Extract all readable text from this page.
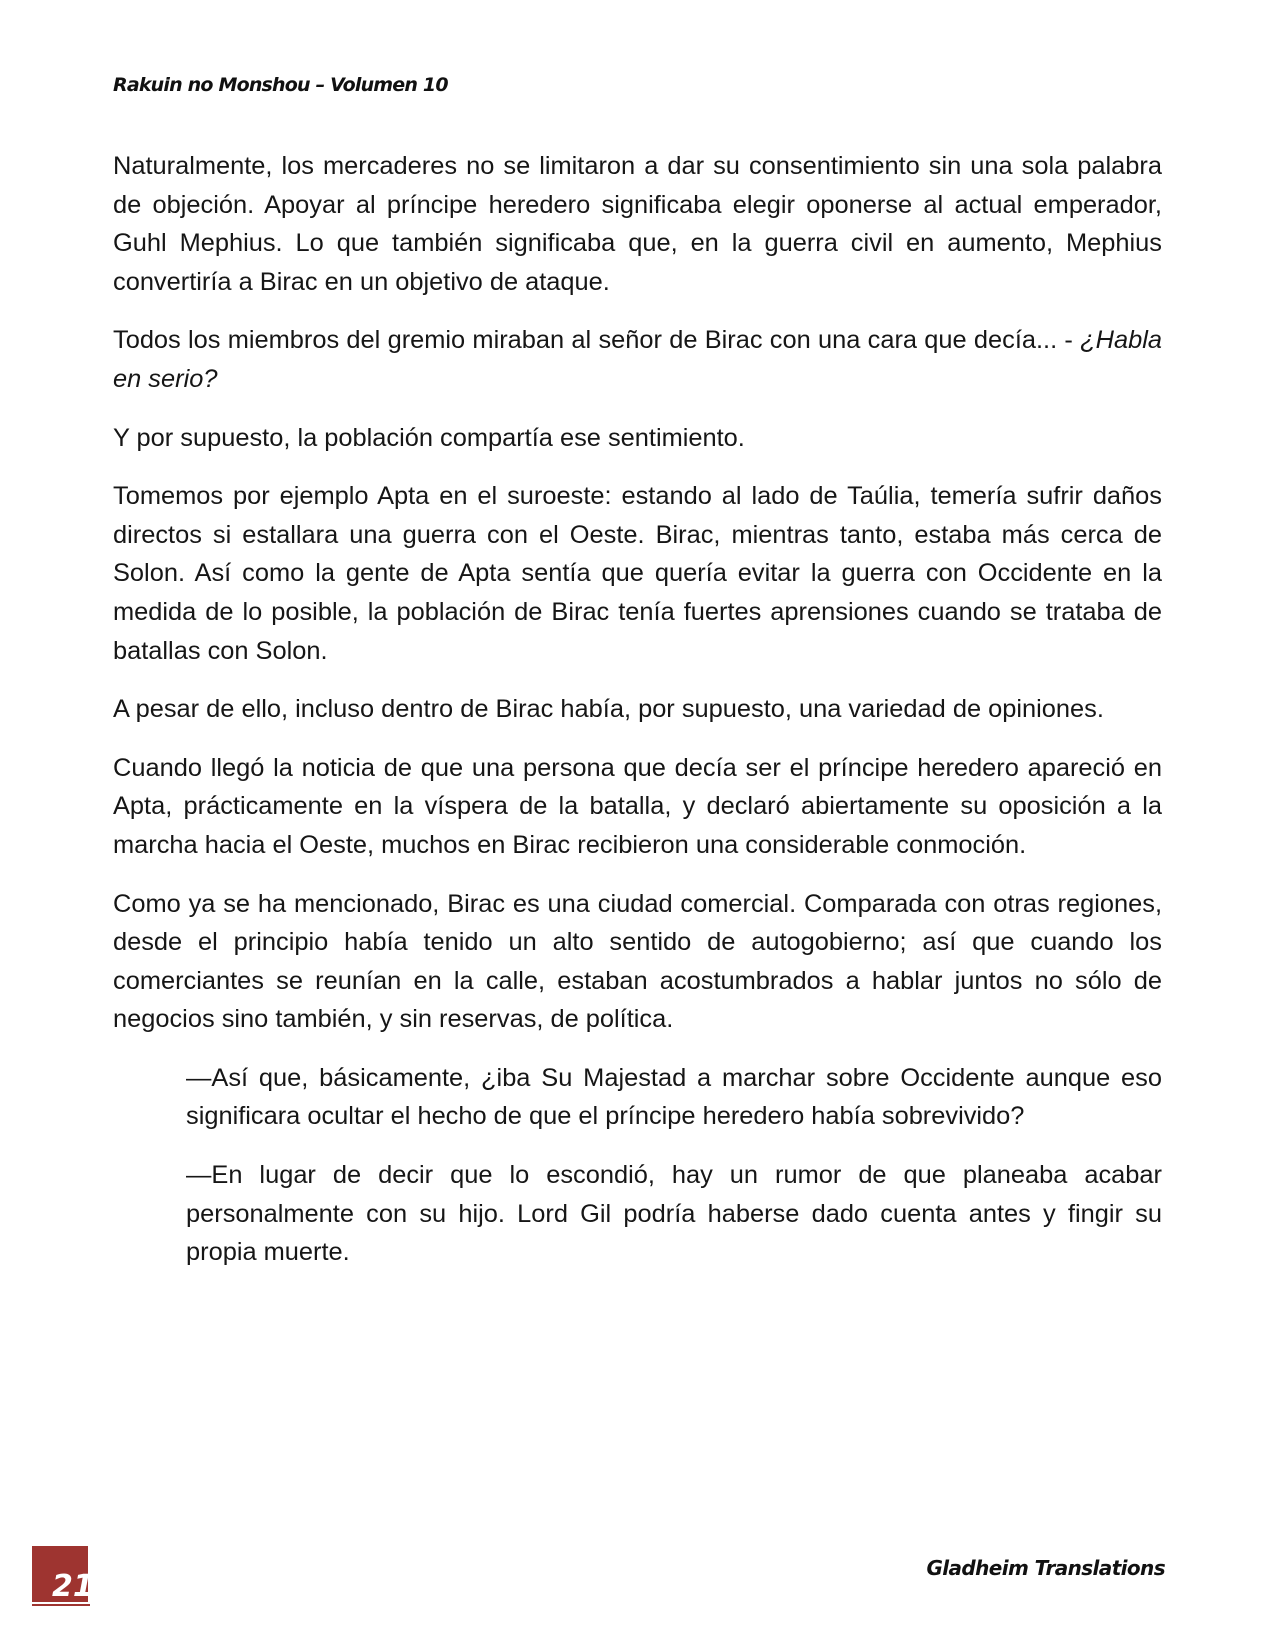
Rakuin no Monshou – Volumen 10

Naturalmente, los mercaderes no se limitaron a dar su consentimiento sin una sola palabra de objeción. Apoyar al príncipe heredero significaba elegir oponerse al actual emperador, Guhl Mephius. Lo que también significaba que, en la guerra civil en aumento, Mephius convertiría a Birac en un objetivo de ataque.

Todos los miembros del gremio miraban al señor de Birac con una cara que decía... - ¿Habla en serio?

Y por supuesto, la población compartía ese sentimiento.

Tomemos por ejemplo Apta en el suroeste: estando al lado de Taúlia, temería sufrir daños directos si estallara una guerra con el Oeste. Birac, mientras tanto, estaba más cerca de Solon. Así como la gente de Apta sentía que quería evitar la guerra con Occidente en la medida de lo posible, la población de Birac tenía fuertes aprensiones cuando se trataba de batallas con Solon.

A pesar de ello, incluso dentro de Birac había, por supuesto, una variedad de opiniones.

Cuando llegó la noticia de que una persona que decía ser el príncipe heredero apareció en Apta, prácticamente en la víspera de la batalla, y declaró abiertamente su oposición a la marcha hacia el Oeste, muchos en Birac recibieron una considerable conmoción.

Como ya se ha mencionado, Birac es una ciudad comercial. Comparada con otras regiones, desde el principio había tenido un alto sentido de autogobierno; así que cuando los comerciantes se reunían en la calle, estaban acostumbrados a hablar juntos no sólo de negocios sino también, y sin reservas, de política.

—Así que, básicamente, ¿iba Su Majestad a marchar sobre Occidente aunque eso significara ocultar el hecho de que el príncipe heredero había sobrevivido?

—En lugar de decir que lo escondió, hay un rumor de que planeaba acabar personalmente con su hijo. Lord Gil podría haberse dado cuenta antes y fingir su propia muerte.

21
Gladheim Translations
